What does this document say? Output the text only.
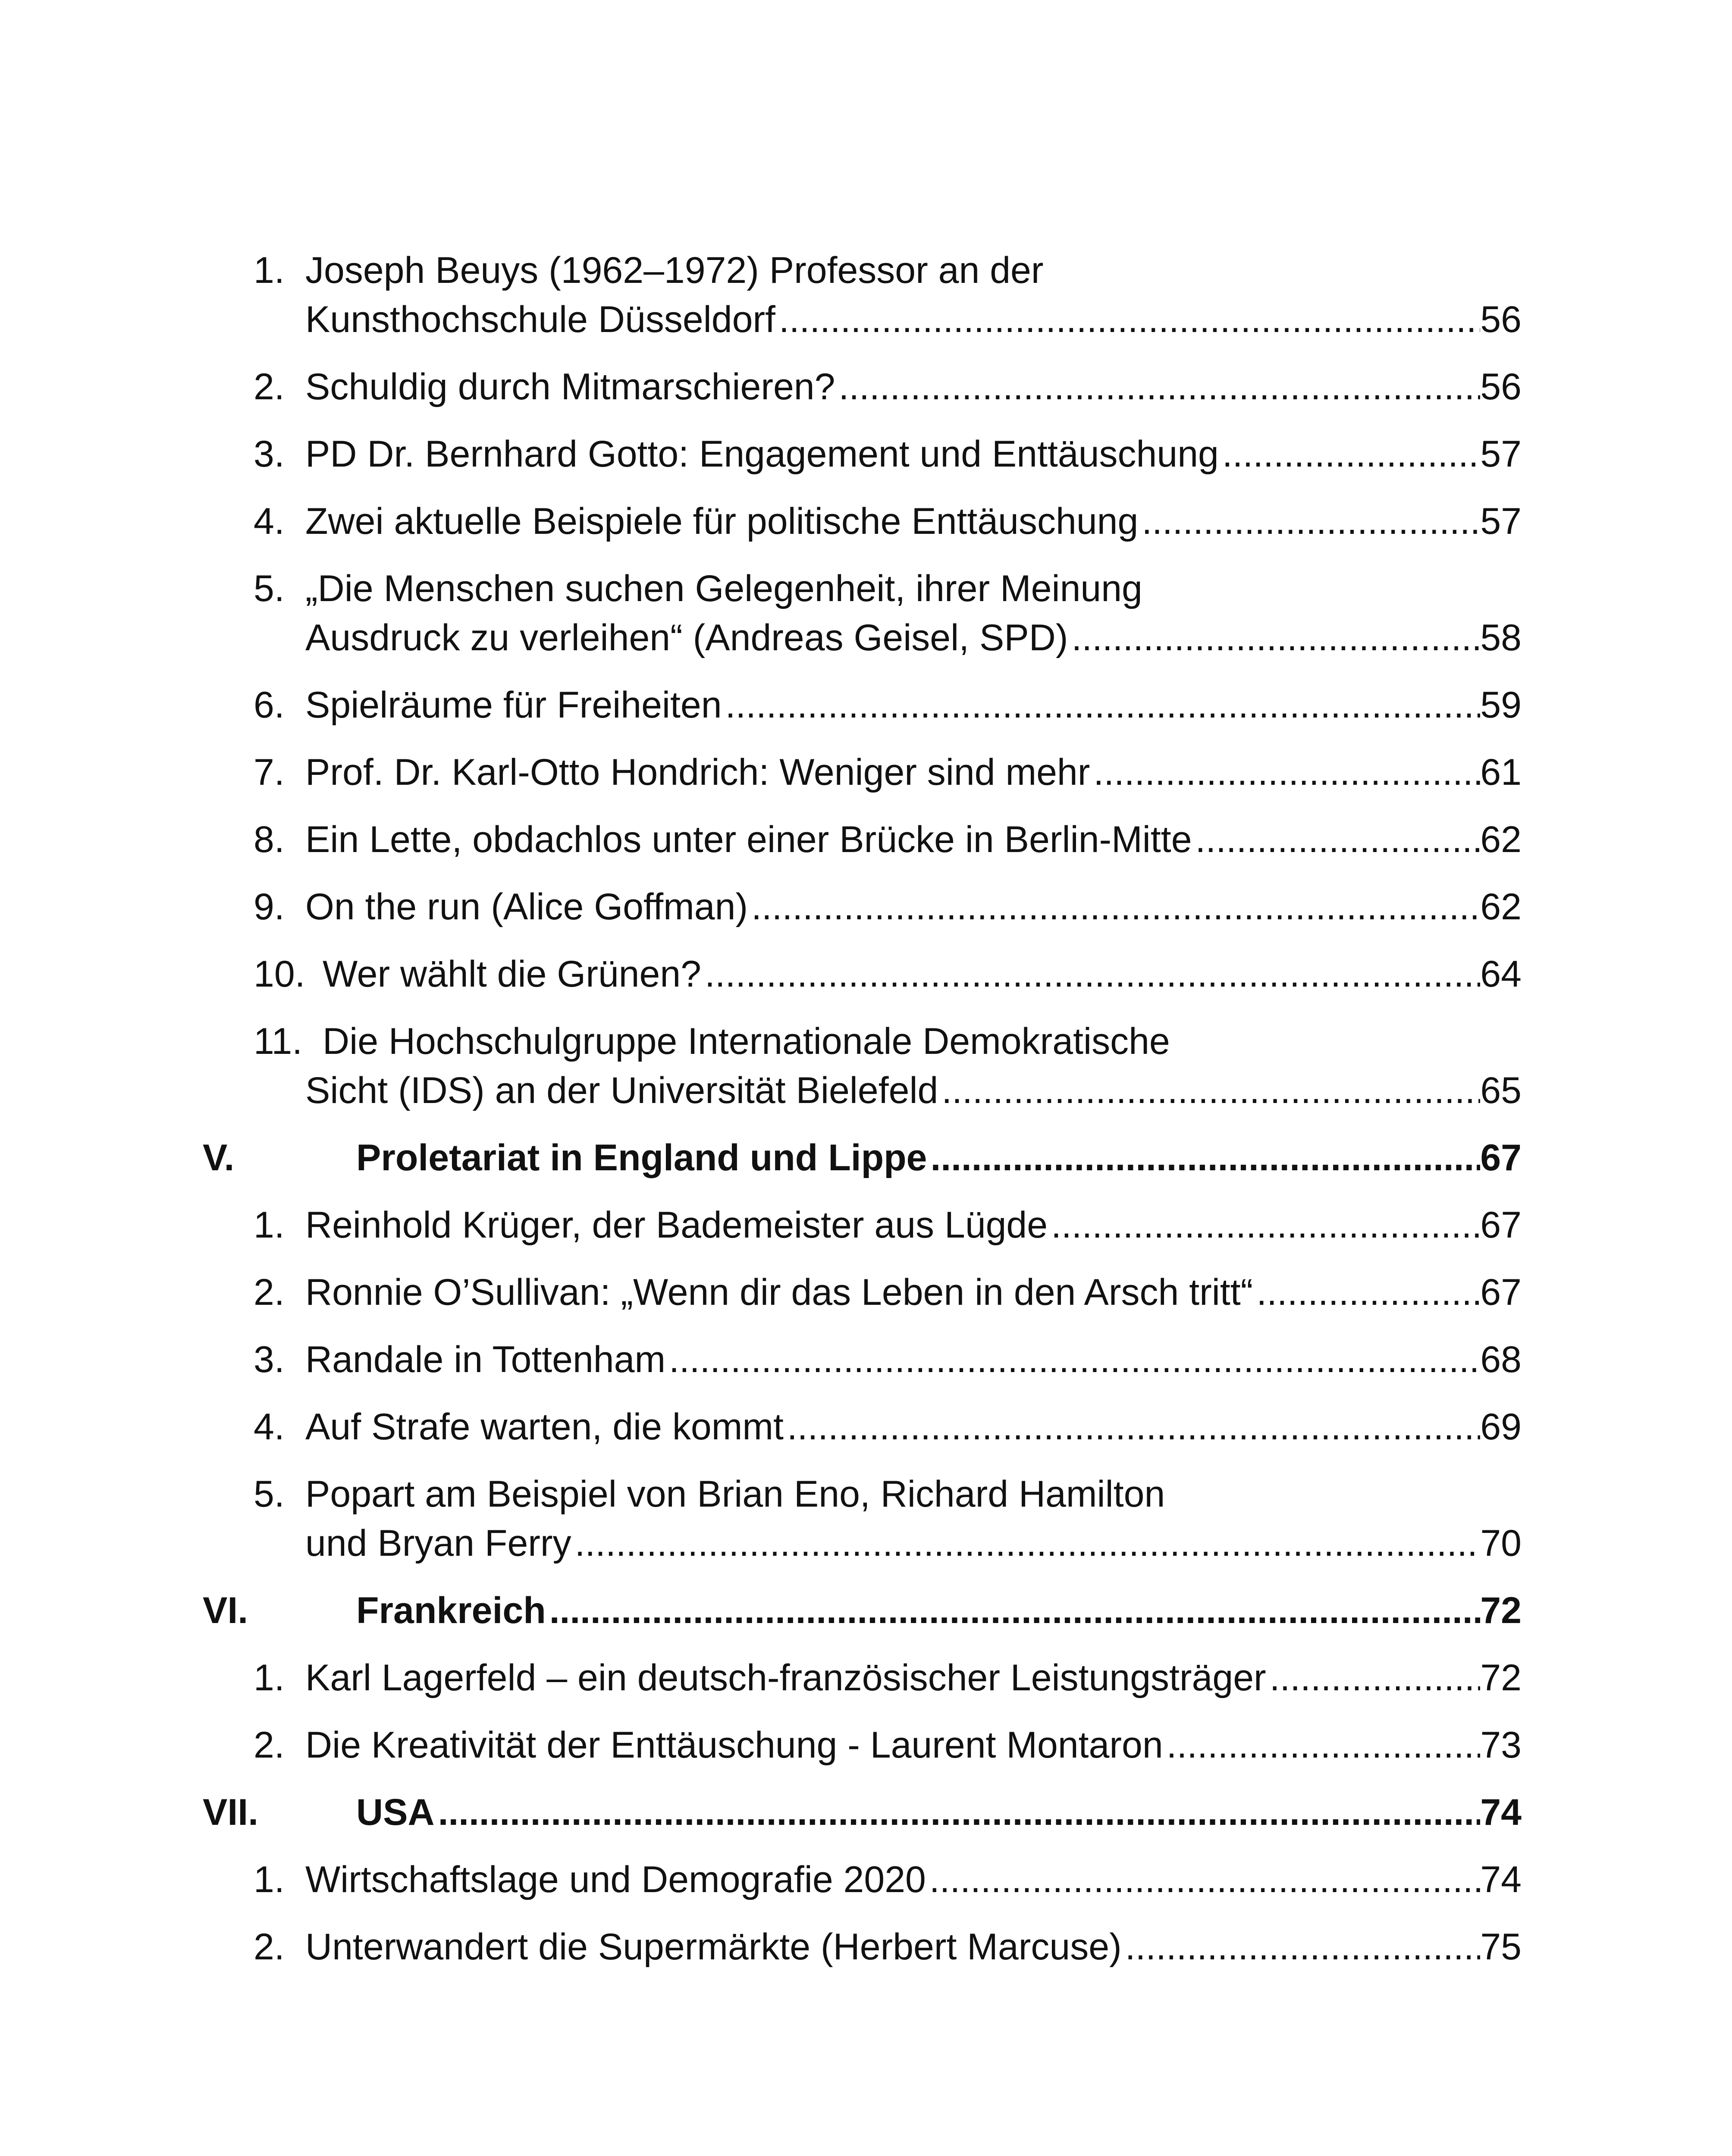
1. Joseph Beuys (1962–1972) Professor an der
Kunsthochschule Düsseldorf . . .	56
2. Schuldig durch Mitmarschieren? . . .	56
3. PD Dr. Bernhard Gotto: Engagement und Enttäuschung . . .	57
4. Zwei aktuelle Beispiele für politische Enttäuschung . . .	57
5. „Die Menschen suchen Gelegenheit, ihrer Meinung
Ausdruck zu verleihen“ (Andreas Geisel, SPD) . . .	58
6. Spielräume für Freiheiten . . .	59
7. Prof. Dr. Karl-Otto Hondrich: Weniger sind mehr . . .	61
8. Ein Lette, obdachlos unter einer Brücke in Berlin-Mitte . . .	62
9. On the run (Alice Goffman) . . .	62
10. Wer wählt die Grünen? . . .	64
11. Die Hochschulgruppe Internationale Demokratische
Sicht (IDS) an der Universität Bielefeld . . .	65
V.	Proletariat in England und Lippe . . .	67
1. Reinhold Krüger, der Bademeister aus Lügde . . .	67
2. Ronnie O’Sullivan: „Wenn dir das Leben in den Arsch tritt“ . . .	67
3. Randale in Tottenham . . .	68
4. Auf Strafe warten, die kommt . . .	69
5. Popart am Beispiel von Brian Eno, Richard Hamilton
und Bryan Ferry . . .	70
VI.	Frankreich . . .	72
1. Karl Lagerfeld – ein deutsch-französischer Leistungsträger . . .	72
2. Die Kreativität der Enttäuschung - Laurent Montaron . . .	73
VII.	USA . . .	74
1. Wirtschaftslage und Demografie 2020 . . .	74
2. Unterwandert die Supermärkte (Herbert Marcuse) . . .	75
